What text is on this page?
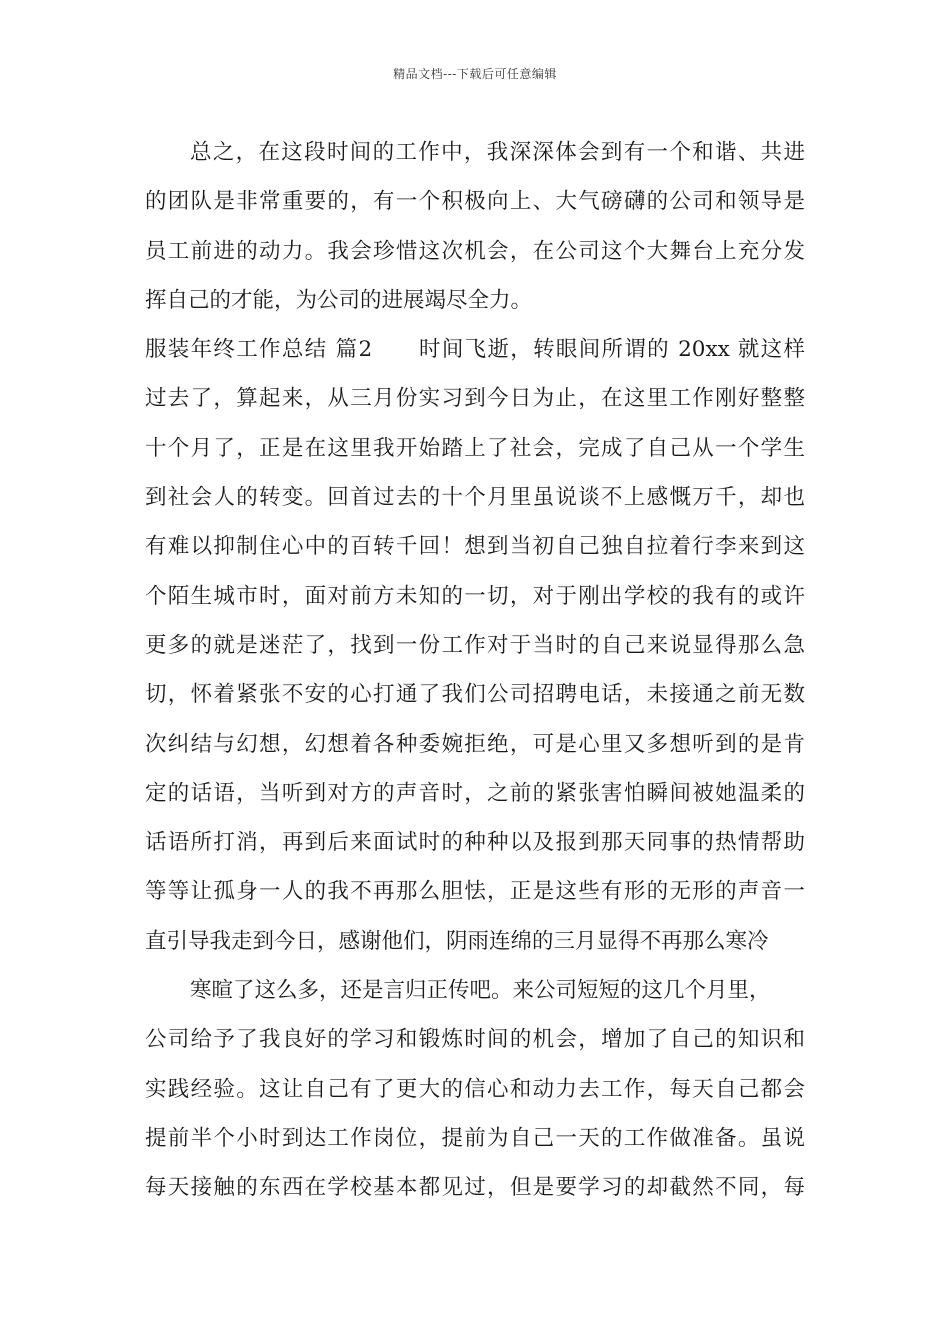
精品文档---下载后可任意编辑
总之，在这段时间的工作中，我深深体会到有一个和谐、共进
的团队是非常重要的，有一个积极向上、大气磅礴的公司和领导是
员工前进的动力。我会珍惜这次机会，在公司这个大舞台上充分发
挥自己的才能，为公司的进展竭尽全力。
服装年终工作总结 篇2　　时间飞逝，转眼间所谓的 20xx 就这样
过去了，算起来，从三月份实习到今日为止，在这里工作刚好整整
十个月了，正是在这里我开始踏上了社会，完成了自己从一个学生
到社会人的转变。回首过去的十个月里虽说谈不上感慨万千，却也
有难以抑制住心中的百转千回！想到当初自己独自拉着行李来到这
个陌生城市时，面对前方未知的一切，对于刚出学校的我有的或许
更多的就是迷茫了，找到一份工作对于当时的自己来说显得那么急
切，怀着紧张不安的心打通了我们公司招聘电话，未接通之前无数
次纠结与幻想，幻想着各种委婉拒绝，可是心里又多想听到的是肯
定的话语，当听到对方的声音时，之前的紧张害怕瞬间被她温柔的
话语所打消，再到后来面试时的种种以及报到那天同事的热情帮助
等等让孤身一人的我不再那么胆怯，正是这些有形的无形的声音一
直引导我走到今日，感谢他们，阴雨连绵的三月显得不再那么寒冷
寒暄了这么多，还是言归正传吧。来公司短短的这几个月里，
公司给予了我良好的学习和锻炼时间的机会，增加了自己的知识和
实践经验。这让自己有了更大的信心和动力去工作，每天自己都会
提前半个小时到达工作岗位，提前为自己一天的工作做准备。虽说
每天接触的东西在学校基本都见过，但是要学习的却截然不同，每
